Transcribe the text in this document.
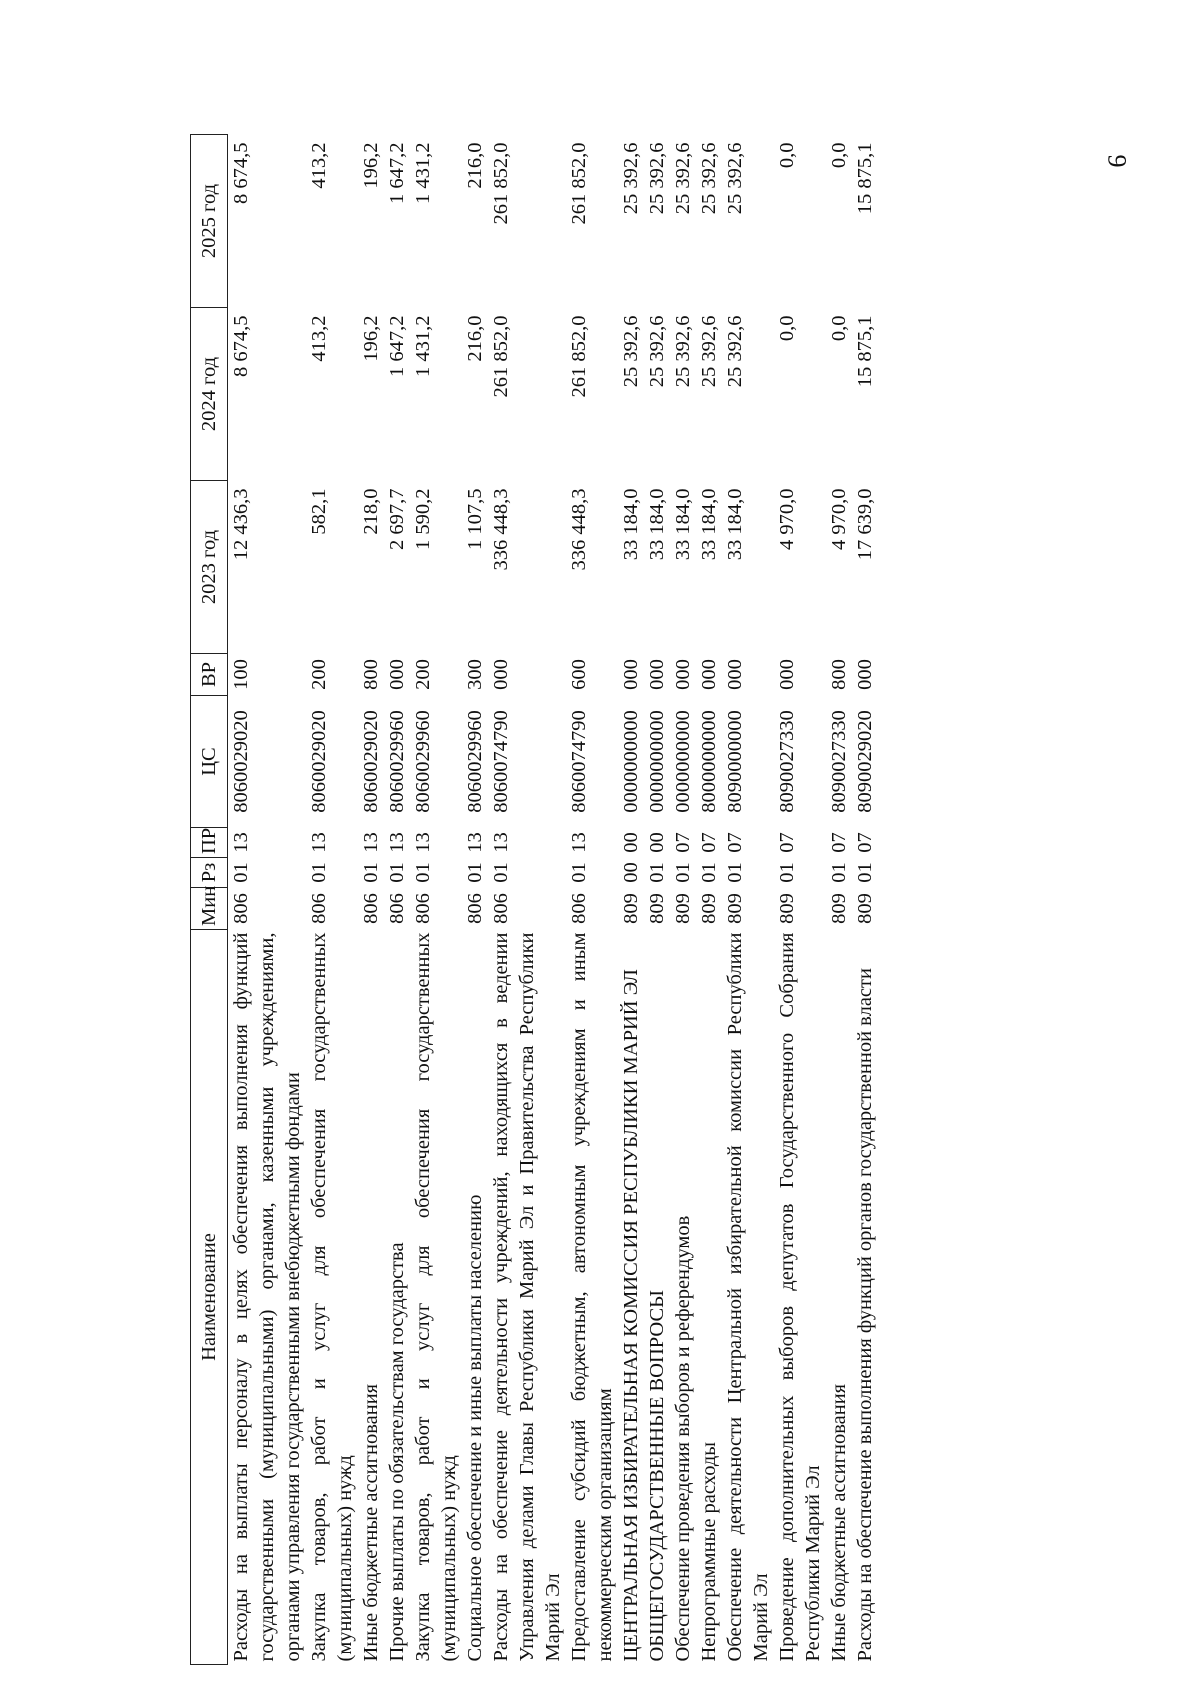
9
Наименование	Мин	Рз	ПР	ЦС	ВР	2023 год	2024 год	2025 год
Расходы на выплаты персоналу в целях обеспечения выполнения функций государственными (муниципальными) органами, казенными учреждениями, органами управления государственными внебюджетными фондами	806	01	13	8060029020	100	12 436,3	8 674,5	8 674,5
Закупка товаров, работ и услуг для обеспечения государственных (муниципальных) нужд	806	01	13	8060029020	200	582,1	413,2	413,2
Иные бюджетные ассигнования	806	01	13	8060029020	800	218,0	196,2	196,2
Прочие выплаты по обязательствам государства	806	01	13	8060029960	000	2 697,7	1 647,2	1 647,2
Закупка товаров, работ и услуг для обеспечения государственных (муниципальных) нужд	806	01	13	8060029960	200	1 590,2	1 431,2	1 431,2
Социальное обеспечение и иные выплаты населению	806	01	13	8060029960	300	1 107,5	216,0	216,0
Расходы на обеспечение деятельности учреждений, находящихся в ведении Управления делами Главы Республики Марий Эл и Правительства Республики Марий Эл	806	01	13	8060074790	000	336 448,3	261 852,0	261 852,0
Предоставление субсидий бюджетным, автономным учреждениям и иным некоммерческим организациям	806	01	13	8060074790	600	336 448,3	261 852,0	261 852,0
ЦЕНТРАЛЬНАЯ ИЗБИРАТЕЛЬНАЯ КОМИССИЯ РЕСПУБЛИКИ МАРИЙ ЭЛ	809	00	00	0000000000	000	33 184,0	25 392,6	25 392,6
ОБЩЕГОСУДАРСТВЕННЫЕ ВОПРОСЫ	809	01	00	0000000000	000	33 184,0	25 392,6	25 392,6
Обеспечение проведения выборов и референдумов	809	01	07	0000000000	000	33 184,0	25 392,6	25 392,6
Непрограммные расходы	809	01	07	8000000000	000	33 184,0	25 392,6	25 392,6
Обеспечение деятельности Центральной избирательной комиссии Республики Марий Эл	809	01	07	8090000000	000	33 184,0	25 392,6	25 392,6
Проведение дополнительных выборов депутатов Государственного Собрания Республики Марий Эл	809	01	07	8090027330	000	4 970,0	0,0	0,0
Иные бюджетные ассигнования	809	01	07	8090027330	800	4 970,0	0,0	0,0
Расходы на обеспечение выполнения функций органов государственной власти	809	01	07	8090029020	000	17 639,0	15 875,1	15 875,1
